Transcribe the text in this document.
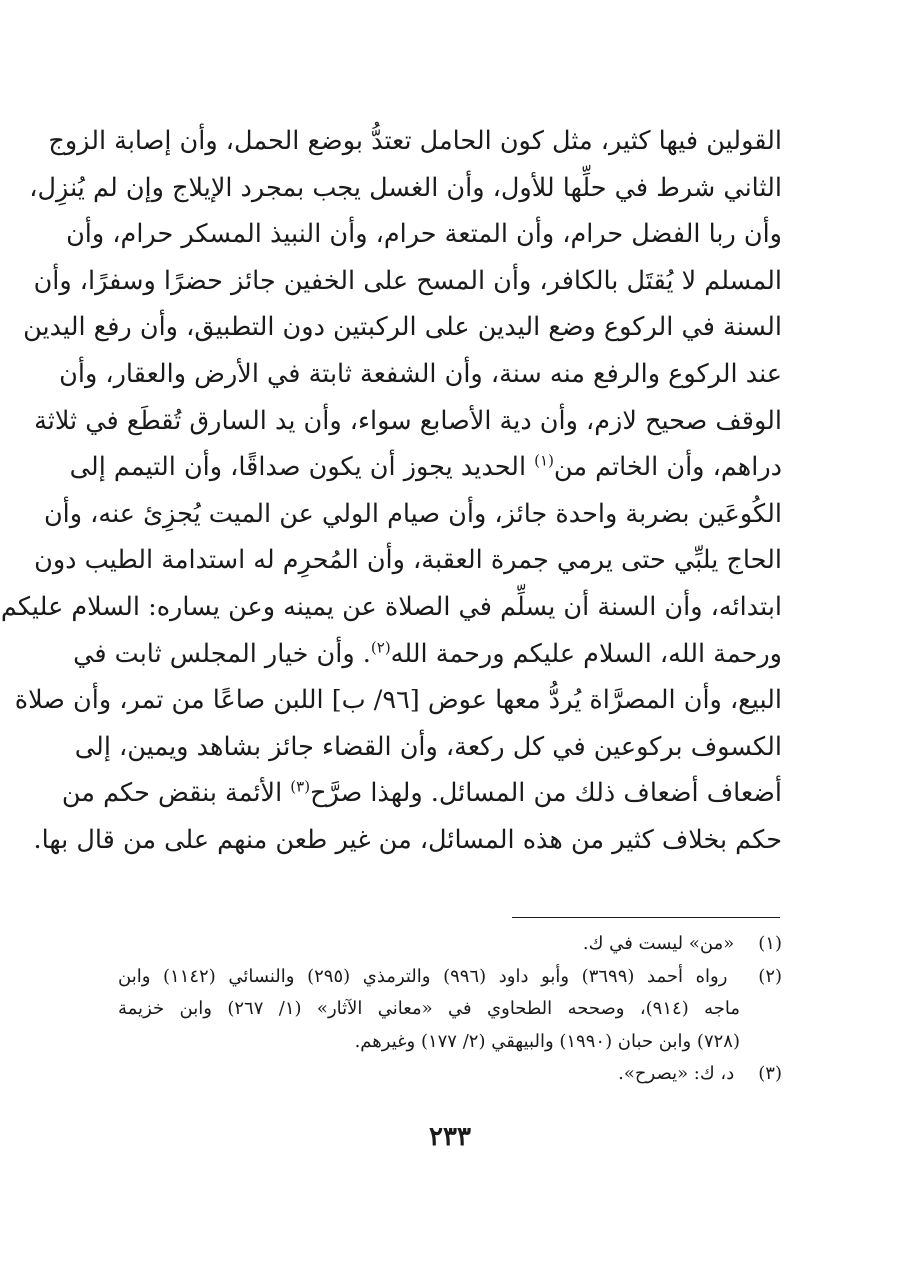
القولين فيها كثير، مثل كون الحامل تعتدُّ بوضع الحمل، وأن إصابة الزوج
الثاني شرط في حلِّها للأول، وأن الغسل يجب بمجرد الإيلاج وإن لم يُنزِل،
وأن ربا الفضل حرام، وأن المتعة حرام، وأن النبيذ المسكر حرام، وأن
المسلم لا يُقتَل بالكافر، وأن المسح على الخفين جائز حضرًا وسفرًا، وأن
السنة في الركوع وضع اليدين على الركبتين دون التطبيق، وأن رفع اليدين
عند الركوع والرفع منه سنة، وأن الشفعة ثابتة في الأرض والعقار، وأن
الوقف صحيح لازم، وأن دية الأصابع سواء، وأن يد السارق تُقطَع في ثلاثة
دراهم، وأن الخاتم من$^{(١)}$ الحديد يجوز أن يكون صداقًا، وأن التيمم إلى
الكُوعَين بضربة واحدة جائز، وأن صيام الولي عن الميت يُجزِئ عنه، وأن
الحاج يلبِّي حتى يرمي جمرة العقبة، وأن المُحرِم له استدامة الطيب دون
ابتدائه، وأن السنة أن يسلِّم في الصلاة عن يمينه وعن يساره: السلام عليكم
ورحمة الله، السلام عليكم ورحمة الله$^{(٢)}$. وأن خيار المجلس ثابت في
البيع، وأن المصرَّاة يُردُّ معها عوض [٩٦/ ب] اللبن صاعًا من تمر، وأن صلاة
الكسوف بركوعين في كل ركعة، وأن القضاء جائز بشاهد ويمين، إلى
أضعاف أضعاف ذلك من المسائل. ولهذا صرَّح$^{(٣)}$ الأئمة بنقض حكم من
حكم بخلاف كثير من هذه المسائل، من غير طعن منهم على من قال بها.
(١) «من» ليست في ك.
(٢) رواه أحمد (٣٦٩٩) وأبو داود (٩٩٦) والترمذي (٢٩٥) والنسائي (١١٤٢) وابن
ماجه (٩١٤)، وصححه الطحاوي في «معاني الآثار» (١/ ٢٦٧) وابن خزيمة
(٧٢٨) وابن حبان (١٩٩٠) والبيهقي (٢/ ١٧٧) وغيرهم.
(٣) د، ك: «يصرح».
٢٣٣
